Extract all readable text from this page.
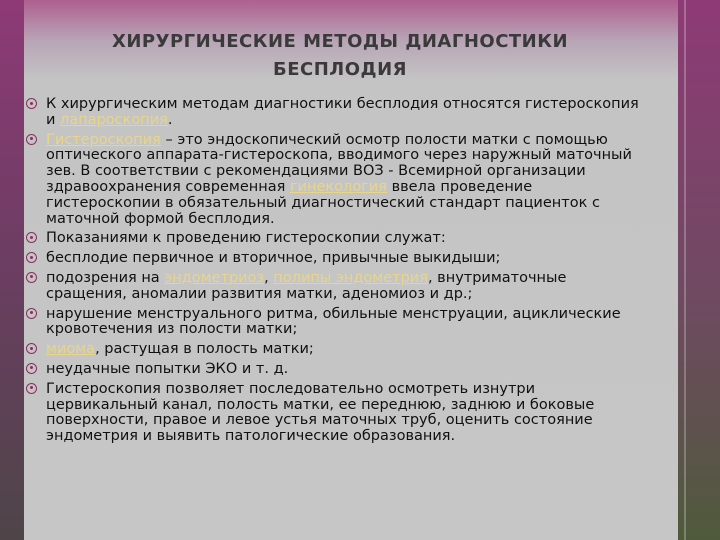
ХИРУРГИЧЕСКИЕ МЕТОДЫ ДИАГНОСТИКИ
БЕСПЛОДИЯ
К хирургическим методам диагностики бесплодия относятся гистероскопия и лапароскопия.
Гистероскопия – это эндоскопический осмотр полости матки с помощью оптического аппарата-гистероскопа, вводимого через наружный маточный зев. В соответствии с рекомендациями ВОЗ - Всемирной организации здравоохранения современная гинекология ввела проведение гистероскопии в обязательный диагностический стандарт пациенток с маточной формой бесплодия.
Показаниями к проведению гистероскопии служат:
бесплодие первичное и вторичное, привычные выкидыши;
подозрения на эндометриоз, полипы эндометрия, внутриматочные сращения, аномалии развития матки, аденомиоз и др.;
нарушение менструального ритма, обильные менструации, ациклические кровотечения из полости матки;
миома, растущая в полость матки;
неудачные попытки ЭКО и т. д.
Гистероскопия позволяет последовательно осмотреть изнутри цервикальный канал, полость матки, ее переднюю, заднюю и боковые поверхности, правое и левое устья маточных труб, оценить состояние эндометрия и выявить патологические образования.
